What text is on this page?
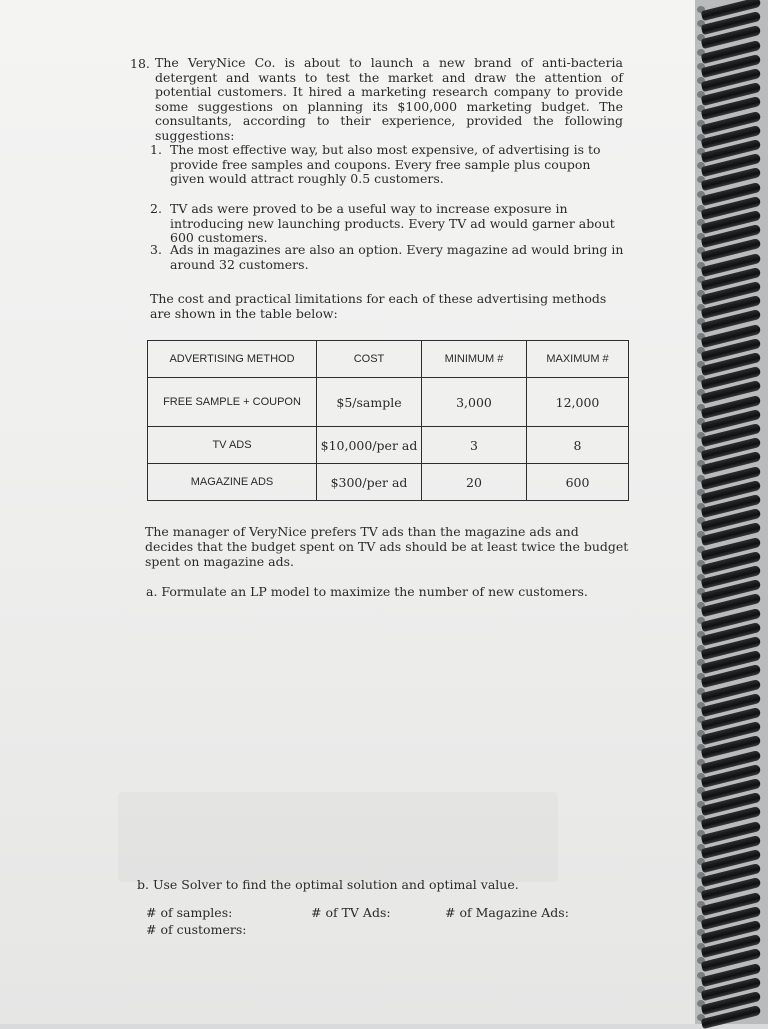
18. The VeryNice Co. is about to launch a new brand of anti-bacteria detergent and wants to test the market and draw the attention of potential customers. It hired a marketing research company to provide some suggestions on planning its $100,000 marketing budget. The consultants, according to their experience, provided the following suggestions:

1. The most effective way, but also most expensive, of advertising is to provide free samples and coupons. Every free sample plus coupon given would attract roughly 0.5 customers.

2. TV ads were proved to be a useful way to increase exposure in introducing new launching products. Every TV ad would garner about 600 customers.

3. Ads in magazines are also an option. Every magazine ad would bring in around 32 customers.

The cost and practical limitations for each of these advertising methods are shown in the table below:

ADVERTISING METHOD	COST	MINIMUM #	MAXIMUM #
FREE SAMPLE + COUPON	$5/sample	3,000	12,000
TV ADS	$10,000/per ad	3	8
MAGAZINE ADS	$300/per ad	20	600

The manager of VeryNice prefers TV ads than the magazine ads and decides that the budget spent on TV ads should be at least twice the budget spent on magazine ads.

a. Formulate an LP model to maximize the number of new customers.

b. Use Solver to find the optimal solution and optimal value.

# of samples:	# of TV Ads:	# of Magazine Ads:

# of customers:
